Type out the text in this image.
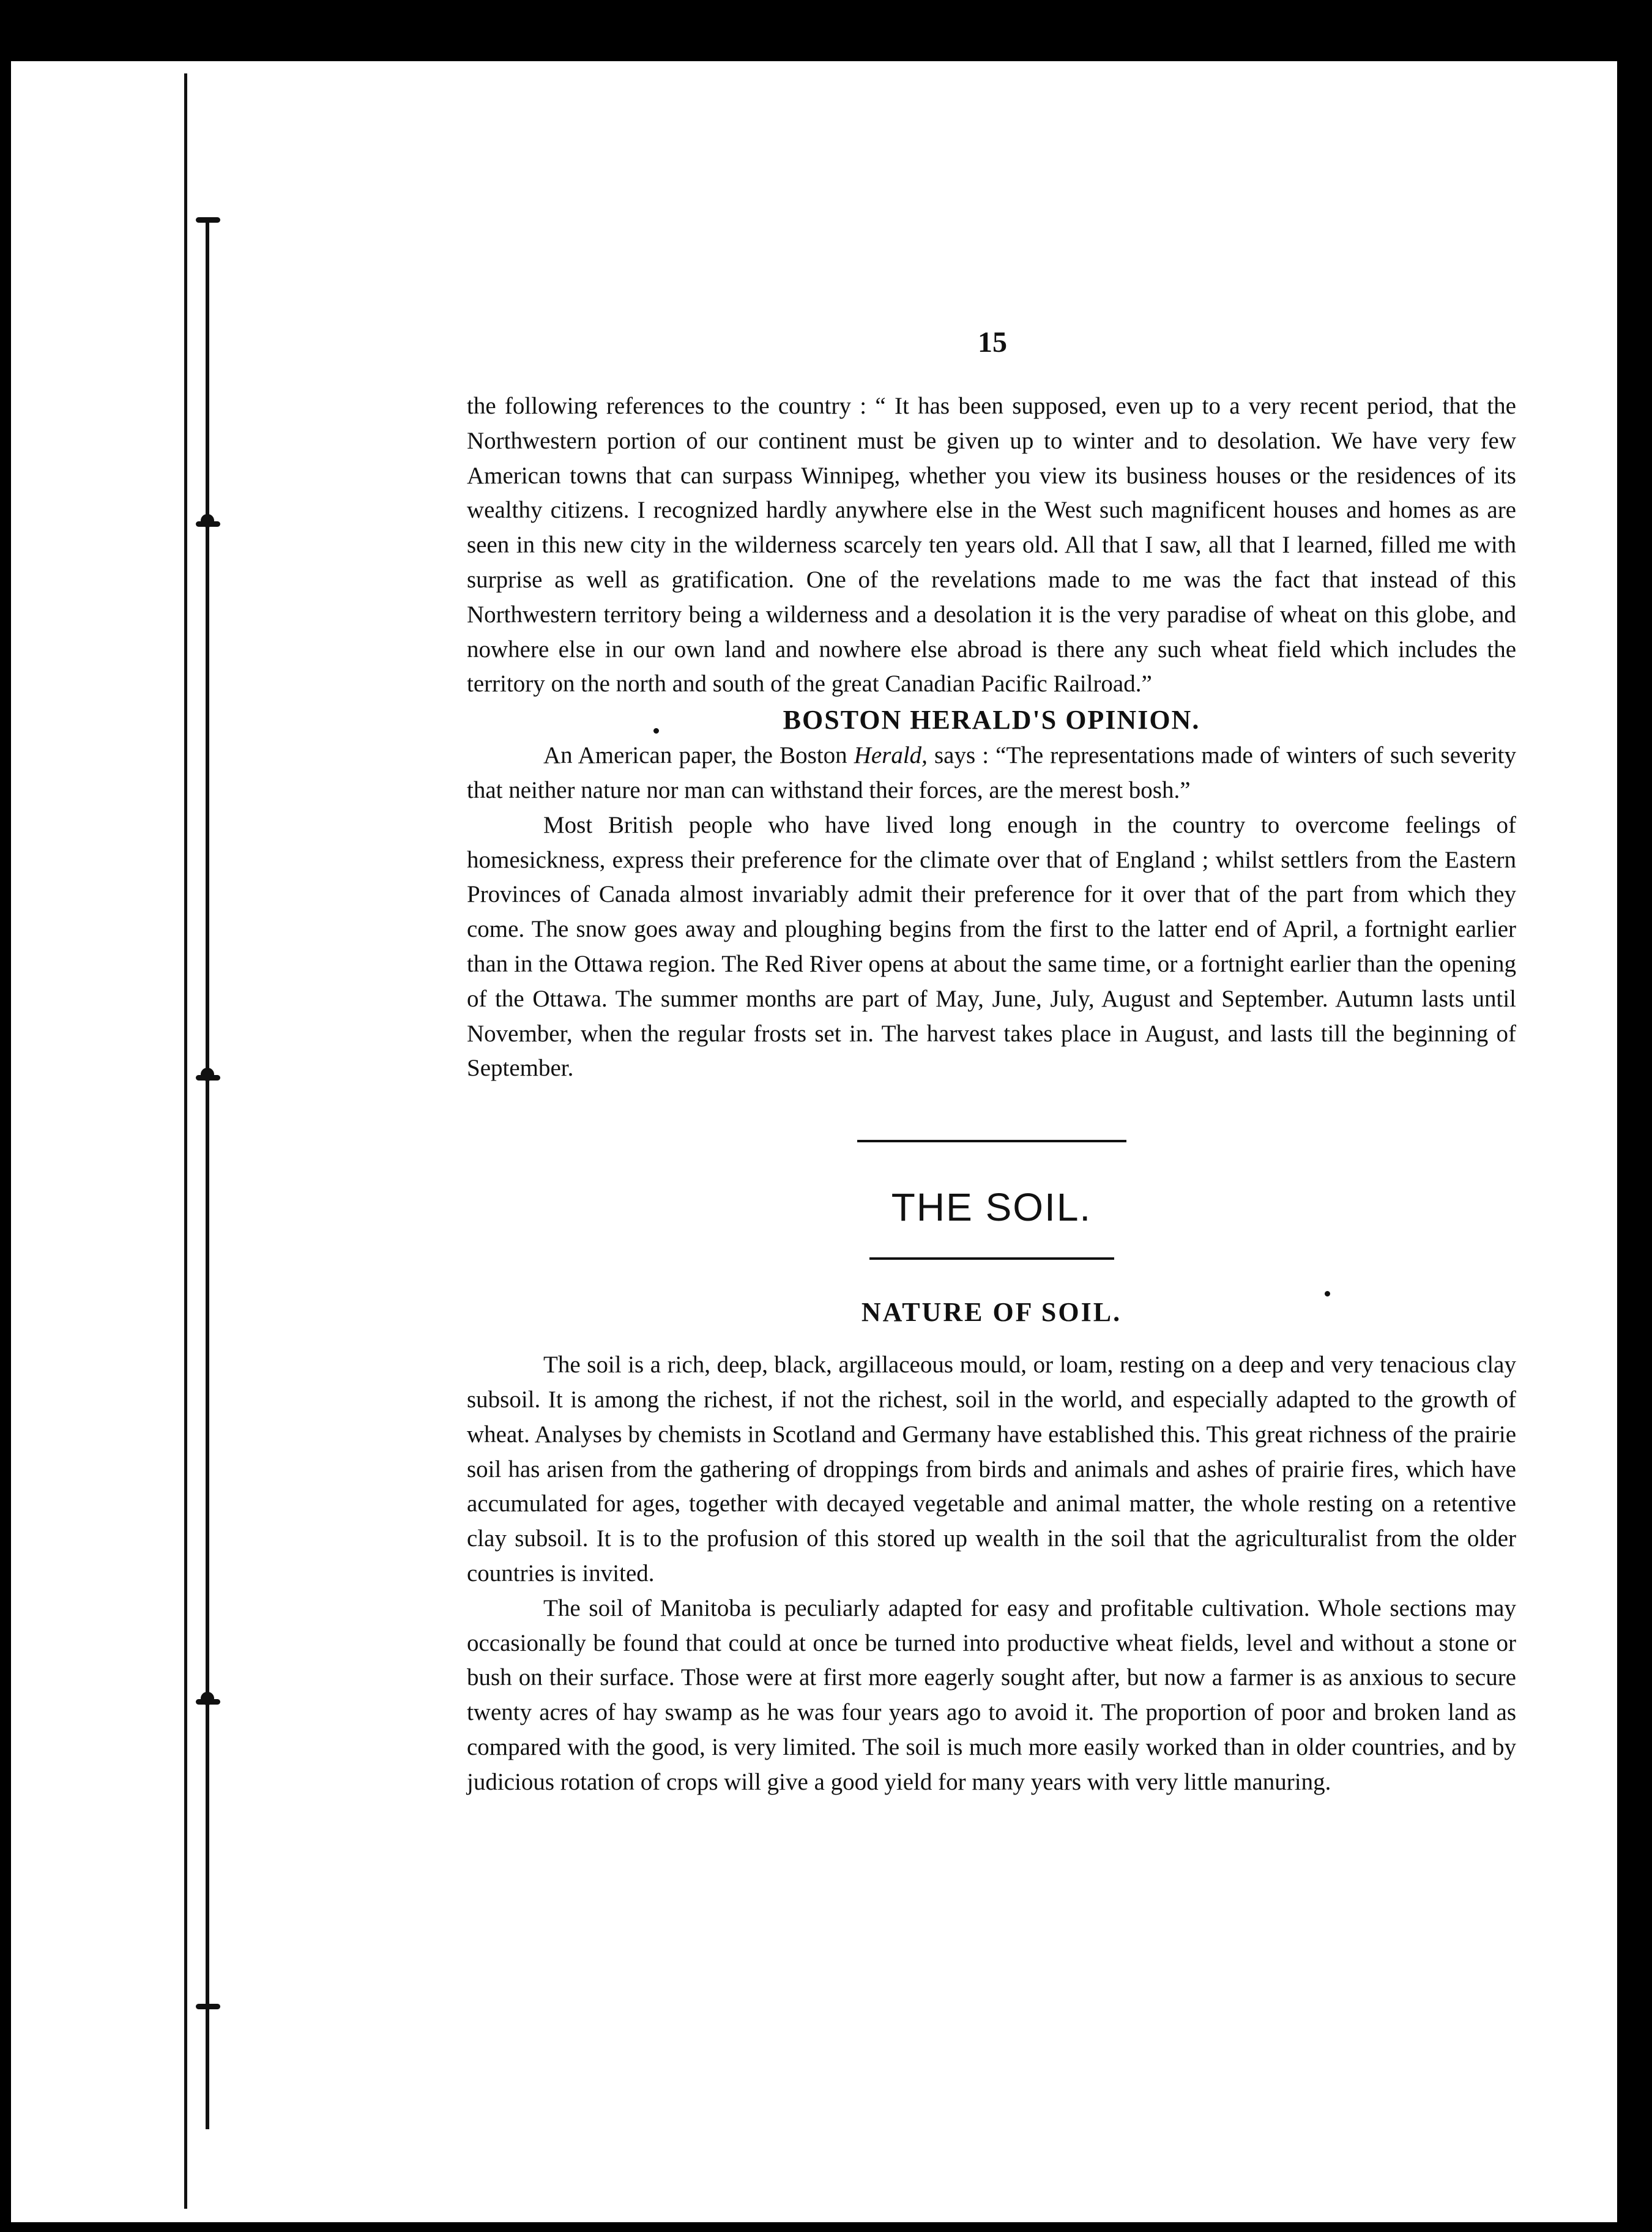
15

the following references to the country : “ It has been supposed, even up to a very recent period, that the Northwestern portion of our continent must be given up to winter and to desolation. We have very few American towns that can surpass Winnipeg, whether you view its business houses or the residences of its wealthy citizens. I recognized hardly anywhere else in the West such magnificent houses and homes as are seen in this new city in the wilderness scarcely ten years old. All that I saw, all that I learned, filled me with surprise as well as gratification. One of the revelations made to me was the fact that instead of this Northwestern territory being a wilderness and a desolation it is the very paradise of wheat on this globe, and nowhere else in our own land and nowhere else abroad is there any such wheat field which includes the territory on the north and south of the great Canadian Pacific Railroad.”

BOSTON HERALD'S OPINION.

An American paper, the Boston Herald, says : “The representations made of winters of such severity that neither nature nor man can withstand their forces, are the merest bosh.”

Most British people who have lived long enough in the country to overcome feelings of homesickness, express their preference for the climate over that of England ; whilst settlers from the Eastern Provinces of Canada almost invariably admit their preference for it over that of the part from which they come. The snow goes away and ploughing begins from the first to the latter end of April, a fortnight earlier than in the Ottawa region. The Red River opens at about the same time, or a fortnight earlier than the opening of the Ottawa. The summer months are part of May, June, July, August and September. Autumn lasts until November, when the regular frosts set in. The harvest takes place in August, and lasts till the beginning of September.

THE SOIL.
NATURE OF SOIL.

The soil is a rich, deep, black, argillaceous mould, or loam, resting on a deep and very tenacious clay subsoil. It is among the richest, if not the richest, soil in the world, and especially adapted to the growth of wheat. Analyses by chemists in Scotland and Germany have established this. This great richness of the prairie soil has arisen from the gathering of droppings from birds and animals and ashes of prairie fires, which have accumulated for ages, together with decayed vegetable and animal matter, the whole resting on a retentive clay subsoil. It is to the profusion of this stored up wealth in the soil that the agriculturalist from the older countries is invited.

The soil of Manitoba is peculiarly adapted for easy and profitable cultivation. Whole sections may occasionally be found that could at once be turned into productive wheat fields, level and without a stone or bush on their surface. Those were at first more eagerly sought after, but now a farmer is as anxious to secure twenty acres of hay swamp as he was four years ago to avoid it. The proportion of poor and broken land as compared with the good, is very limited. The soil is much more easily worked than in older countries, and by judicious rotation of crops will give a good yield for many years with very little manuring.
